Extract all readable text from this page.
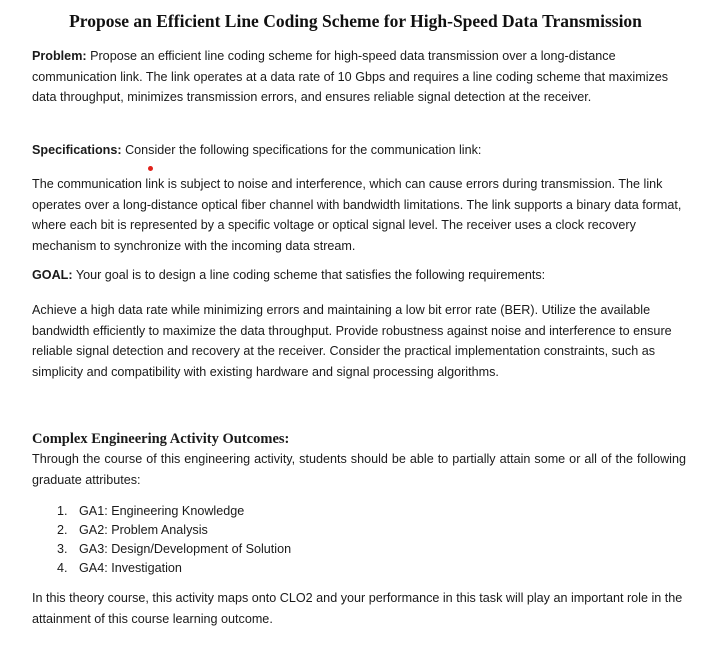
Propose an Efficient Line Coding Scheme for High-Speed Data Transmission

Problem: Propose an efficient line coding scheme for high-speed data transmission over a long-distance communication link. The link operates at a data rate of 10 Gbps and requires a line coding scheme that maximizes data throughput, minimizes transmission errors, and ensures reliable signal detection at the receiver.

Specifications: Consider the following specifications for the communication link:

The communication link is subject to noise and interference, which can cause errors during transmission. The link operates over a long-distance optical fiber channel with bandwidth limitations. The link supports a binary data format, where each bit is represented by a specific voltage or optical signal level. The receiver uses a clock recovery mechanism to synchronize with the incoming data stream.

GOAL: Your goal is to design a line coding scheme that satisfies the following requirements:

Achieve a high data rate while minimizing errors and maintaining a low bit error rate (BER). Utilize the available bandwidth efficiently to maximize the data throughput. Provide robustness against noise and interference to ensure reliable signal detection and recovery at the receiver. Consider the practical implementation constraints, such as simplicity and compatibility with existing hardware and signal processing algorithms.

Complex Engineering Activity Outcomes:

Through the course of this engineering activity, students should be able to partially attain some or all of the following graduate attributes:

1. GA1: Engineering Knowledge
2. GA2: Problem Analysis
3. GA3: Design/Development of Solution
4. GA4: Investigation

In this theory course, this activity maps onto CLO2 and your performance in this task will play an important role in the attainment of this course learning outcome.
